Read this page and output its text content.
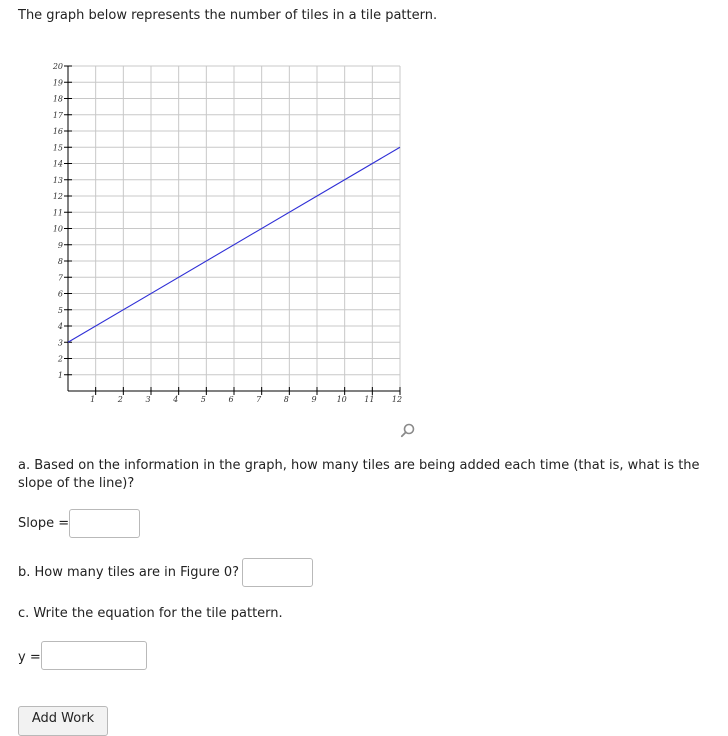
The graph below represents the number of tiles in a tile pattern.
1	2	3	4	5	6	7	8	9	10 11 12
1
2
3
4
5
6
7
8
9
10
11
12
13
14
15
16
17
18
19
20
a. Based on the information in the graph, how many tiles are being added each time (that is, what is the slope of the line)?
Slope =
b. How many tiles are in Figure 0?
c. Write the equation for the tile pattern.
y =
Add Work
